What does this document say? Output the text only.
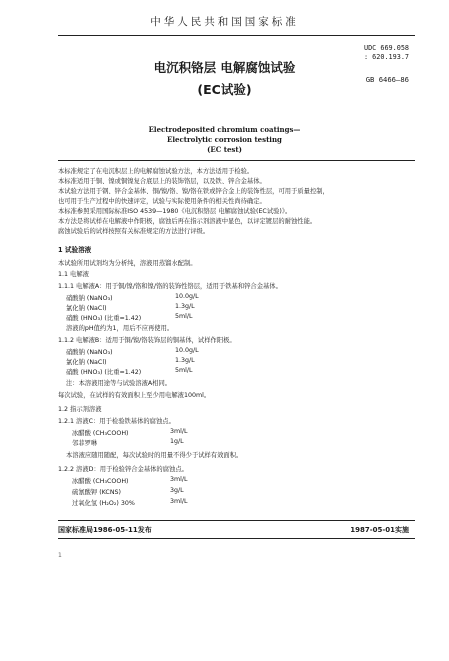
中华人民共和国国家标准
UDC 669.058
: 620.193.7
GB 6466—86
电沉积铬层 电解腐蚀试验
(EC试验)
Electrodeposited chromium coatings—
Electrolytic corrosion testing
(EC test)
本标准规定了在电沉积层上的电解腐蚀试验方法，本方法适用于检验。
本标准适用于铜、镍或铜镍复合底层上的装饰铬层，以及铁、锌合金基体。
本试验方法用于钢、锌合金基体、铜/镍/铬、镍/铬在铁或锌合金上的装饰性层，可用于质量控制，
也可用于生产过程中的快速评定，试验与实际使用条件的相关性尚待确定。
本标准参照采用国际标准ISO 4539—1980《电沉积铬层 电解腐蚀试验(EC试验)》。
本方法是将试样在电解液中作阳极，腐蚀后再在指示剂溶液中显色，以评定镀层的耐蚀性能。
腐蚀试验后的试样按照有关标准规定的方法进行评级。
1 试验溶液
本试验所用试剂均为分析纯，溶液用蒸馏水配制。
1.1 电解液
1.1.1 电解液A：用于铜/镍/铬和镍/铬的装饰性铬层，适用于铁基和锌合金基体。
硝酸钠 (NaNO₃)	10.0g/L
氯化钠 (NaCl)	1.3g/L
硝酸 (HNO₃) (比重=1.42)	5ml/L
溶液的pH值约为1，用后不应再使用。
1.1.2 电解液B：适用于铜/镍/铬装饰层的铜基体，试样作阳极。
硝酸钠 (NaNO₃)	10.0g/L
氯化钠 (NaCl)	1.3g/L
硝酸 (HNO₃) (比重=1.42)	5ml/L
注：本溶液用途等与试验溶液A相同。
每次试验，在试样的有效面积上至少用电解液100ml。
1.2 指示剂溶液
1.2.1 溶液C：用于检验铁基体的腐蚀点。
冰醋酸 (CH₃COOH)	3ml/L
邻菲罗啉	1g/L
本溶液应随用随配，每次试验时的用量不得少于试样有效面积。
1.2.2 溶液D：用于检验锌合金基体的腐蚀点。
冰醋酸 (CH₃COOH)	3ml/L
硫氰酸钾 (KCNS)	3g/L
过氧化氢 (H₂O₂) 30%	3ml/L
国家标准局1986-05-11发布	1987-05-01实施
1
